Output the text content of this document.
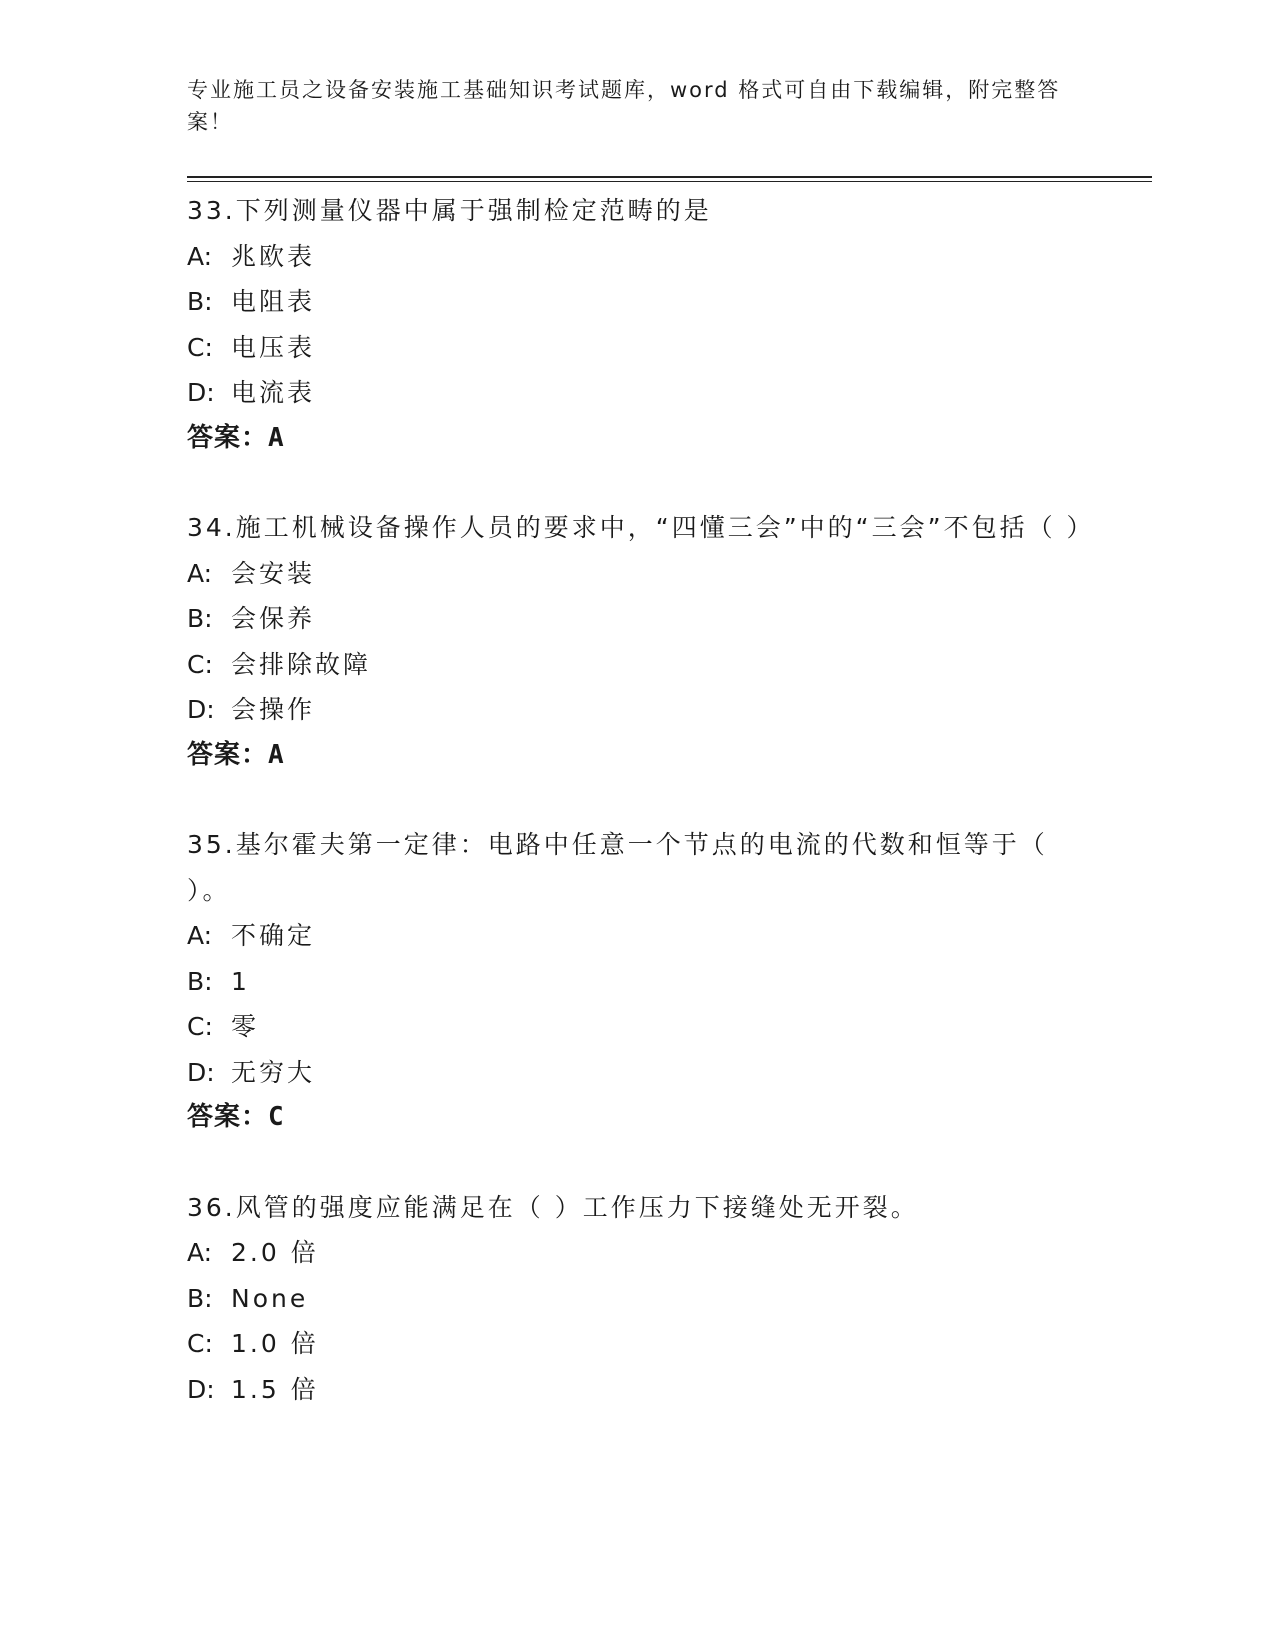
专业施工员之设备安装施工基础知识考试题库，word 格式可自由下载编辑，附完整答案！
33.下列测量仪器中属于强制检定范畴的是
A: 兆欧表
B: 电阻表
C: 电压表
D: 电流表
答案：A
34.施工机械设备操作人员的要求中，“四懂三会”中的“三会”不包括（ ）
A: 会安装
B: 会保养
C: 会排除故障
D: 会操作
答案：A
35.基尔霍夫第一定律：电路中任意一个节点的电流的代数和恒等于（ ）。
A: 不确定
B: 1
C: 零
D: 无穷大
答案：C
36.风管的强度应能满足在（ ）工作压力下接缝处无开裂。
A: 2.0 倍
B: None
C: 1.0 倍
D: 1.5 倍
